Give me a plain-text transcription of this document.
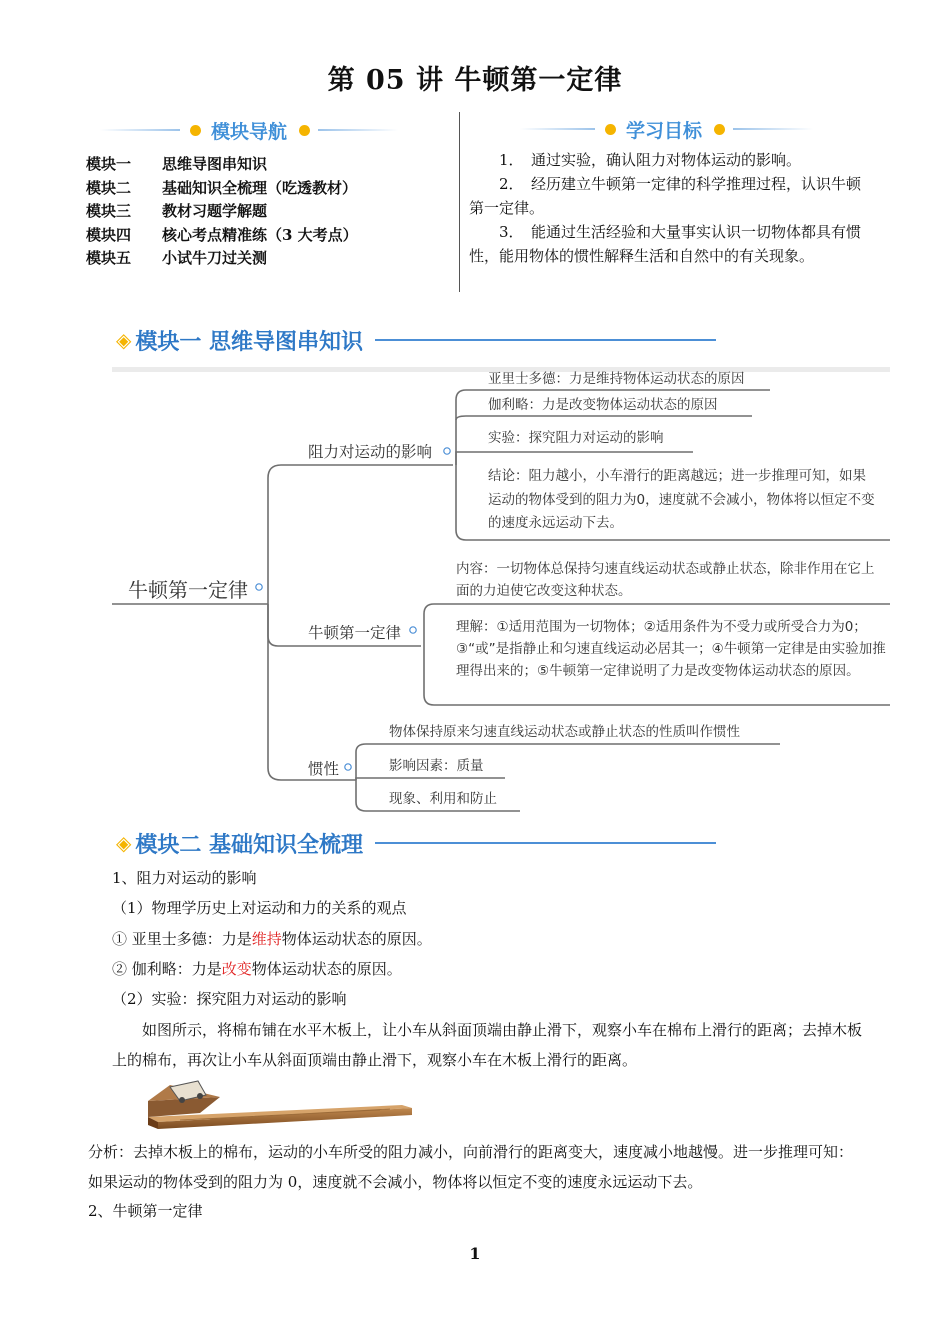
第 05 讲 牛顿第一定律
模块导航
模块一 思维导图串知识
模块二 基础知识全梳理（吃透教材）
模块三 教材习题学解题
模块四 核心考点精准练（3 大考点）
模块五 小试牛刀过关测
学习目标
1．　通过实验，确认阻力对物体运动的影响。
2．　经历建立牛顿第一定律的科学推理过程，认识牛顿第一定律。
3．　能通过生活经验和大量事实认识一切物体都具有惯性，能用物体的惯性解释生活和自然中的有关现象。
◈ 模块一 思维导图串知识
牛顿第一定律
阻力对运动的影响
亚里士多德：力是维持物体运动状态的原因
伽利略：力是改变物体运动状态的原因
实验：探究阻力对运动的影响
结论：阻力越小，小车滑行的距离越远；进一步推理可知，如果运动的物体受到的阻力为0，速度就不会减小，物体将以恒定不变的速度永远运动下去。
牛顿第一定律
内容：一切物体总保持匀速直线运动状态或静止状态，除非作用在它上面的力迫使它改变这种状态。
理解：①适用范围为一切物体；②适用条件为不受力或所受合力为0；③“或”是指静止和匀速直线运动必居其一；④牛顿第一定律是由实验加推理得出来的；⑤牛顿第一定律说明了力是改变物体运动状态的原因。
惯性
物体保持原来匀速直线运动状态或静止状态的性质叫作惯性
影响因素：质量
现象、利用和防止
◈ 模块二 基础知识全梳理
1、阻力对运动的影响
（1）物理学历史上对运动和力的关系的观点
① 亚里士多德：力是维持物体运动状态的原因。
② 伽利略：力是改变物体运动状态的原因。
（2）实验：探究阻力对运动的影响
如图所示，将棉布铺在水平木板上，让小车从斜面顶端由静止滑下，观察小车在棉布上滑行的距离；去掉木板上的棉布，再次让小车从斜面顶端由静止滑下，观察小车在木板上滑行的距离。
分析：去掉木板上的棉布，运动的小车所受的阻力减小，向前滑行的距离变大，速度减小地越慢。进一步推理可知：如果运动的物体受到的阻力为 0，速度就不会减小，物体将以恒定不变的速度永远运动下去。
2、牛顿第一定律
1
